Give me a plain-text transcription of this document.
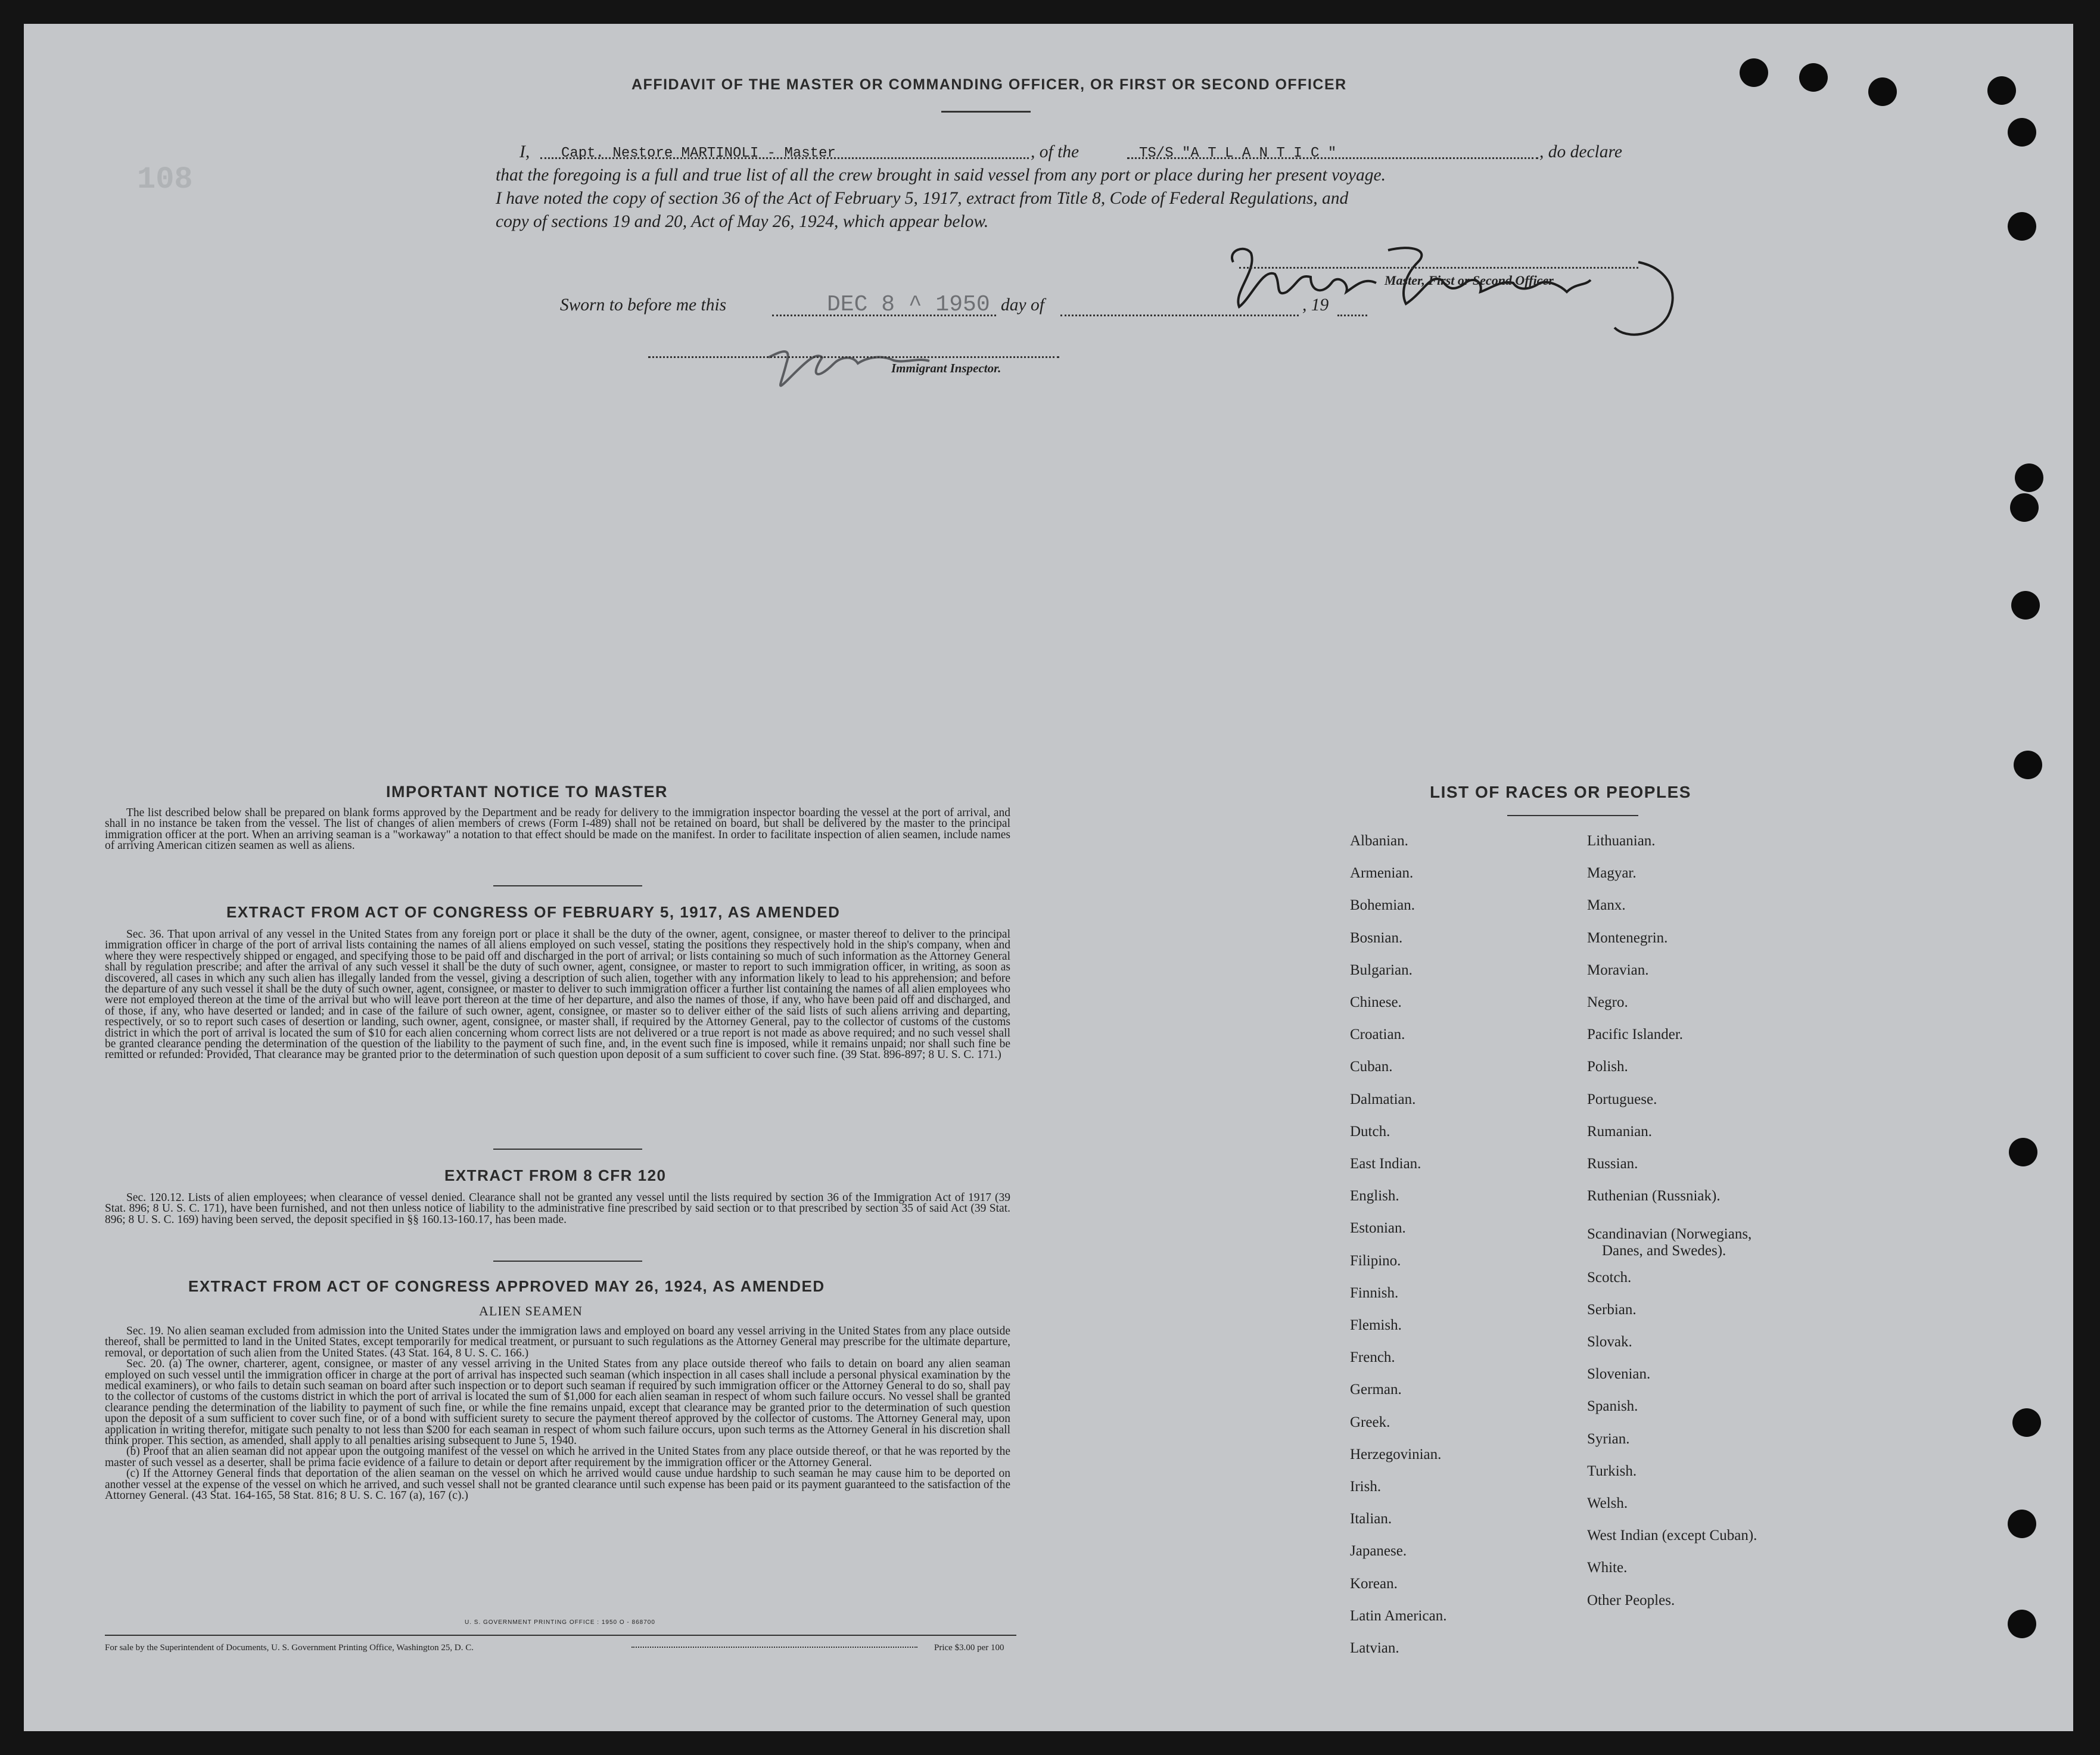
108
AFFIDAVIT OF THE MASTER OR COMMANDING OFFICER, OR FIRST OR SECOND OFFICER
I, Capt. Nestore MARTINOLI - Master	, of the	TS/S "A T L A N T I C "	, do declare
that the foregoing is a full and true list of all the crew brought in said vessel from any port or place during her present voyage.
I have noted the copy of section 36 of the Act of February 5, 1917, extract from Title 8, Code of Federal Regulations, and
copy of sections 19 and 20, Act of May 26, 1924, which appear below.
Master, First or Second Officer
Sworn to before me this	DEC 8 ^ 1950 day of	, 19
Immigrant Inspector.
IMPORTANT NOTICE TO MASTER

The list described below shall be prepared on blank forms approved by the Department and be ready for delivery to the immigration inspector boarding the vessel at the port of arrival, and shall in no instance be taken from the vessel. The list of changes of alien members of crews (Form I-489) shall not be retained on board, but shall be delivered by the master to the principal immigration officer at the port. When an arriving seaman is a "workaway" a notation to that effect should be made on the manifest. In order to facilitate inspection of alien seamen, include names of arriving American citizen seamen as well as aliens.

EXTRACT FROM ACT OF CONGRESS OF FEBRUARY 5, 1917, AS AMENDED

Sec. 36. That upon arrival of any vessel in the United States from any foreign port or place it shall be the duty of the owner, agent, consignee, or master thereof to deliver to the principal immigration officer in charge of the port of arrival lists containing the names of all aliens employed on such vessel, stating the positions they respectively hold in the ship's company, when and where they were respectively shipped or engaged, and specifying those to be paid off and discharged in the port of arrival; or lists containing so much of such information as the Attorney General shall by regulation prescribe; and after the arrival of any such vessel it shall be the duty of such owner, agent, consignee, or master to report to such immigration officer, in writing, as soon as discovered, all cases in which any such alien has illegally landed from the vessel, giving a description of such alien, together with any information likely to lead to his apprehension; and before the departure of any such vessel it shall be the duty of such owner, agent, consignee, or master to deliver to such immigration officer a further list containing the names of all alien employees who were not employed thereon at the time of the arrival but who will leave port thereon at the time of her departure, and also the names of those, if any, who have been paid off and discharged, and of those, if any, who have deserted or landed; and in case of the failure of such owner, agent, consignee, or master so to deliver either of the said lists of such aliens arriving and departing, respectively, or so to report such cases of desertion or landing, such owner, agent, consignee, or master shall, if required by the Attorney General, pay to the collector of customs of the customs district in which the port of arrival is located the sum of $10 for each alien concerning whom correct lists are not delivered or a true report is not made as above required; and no such vessel shall be granted clearance pending the determination of the question of the liability to the payment of such fine, and, in the event such fine is imposed, while it remains unpaid; nor shall such fine be remitted or refunded: Provided, That clearance may be granted prior to the determination of such question upon deposit of a sum sufficient to cover such fine. (39 Stat. 896-897; 8 U. S. C. 171.)

EXTRACT FROM 8 CFR 120

Sec. 120.12. Lists of alien employees; when clearance of vessel denied. Clearance shall not be granted any vessel until the lists required by section 36 of the Immigration Act of 1917 (39 Stat. 896; 8 U. S. C. 171), have been furnished, and not then unless notice of liability to the administrative fine prescribed by said section or to that prescribed by section 35 of said Act (39 Stat. 896; 8 U. S. C. 169) having been served, the deposit specified in §§ 160.13-160.17, has been made.

EXTRACT FROM ACT OF CONGRESS APPROVED MAY 26, 1924, AS AMENDED
ALIEN SEAMEN

Sec. 19. No alien seaman excluded from admission into the United States under the immigration laws and employed on board any vessel arriving in the United States from any place outside thereof, shall be permitted to land in the United States, except temporarily for medical treatment, or pursuant to such regulations as the Attorney General may prescribe for the ultimate departure, removal, or deportation of such alien from the United States. (43 Stat. 164, 8 U. S. C. 166.)

Sec. 20. (a) The owner, charterer, agent, consignee, or master of any vessel arriving in the United States from any place outside thereof who fails to detain on board any alien seaman employed on such vessel until the immigration officer in charge at the port of arrival has inspected such seaman (which inspection in all cases shall include a personal physical examination by the medical examiners), or who fails to detain such seaman on board after such inspection or to deport such seaman if required by such immigration officer or the Attorney General to do so, shall pay to the collector of customs of the customs district in which the port of arrival is located the sum of $1,000 for each alien seaman in respect of whom such failure occurs. No vessel shall be granted clearance pending the determination of the liability to payment of such fine, or while the fine remains unpaid, except that clearance may be granted prior to the determination of such question upon the deposit of a sum sufficient to cover such fine, or of a bond with sufficient surety to secure the payment thereof approved by the collector of customs. The Attorney General may, upon application in writing therefor, mitigate such penalty to not less than $200 for each seaman in respect of whom such failure occurs, upon such terms as the Attorney General in his discretion shall think proper. This section, as amended, shall apply to all penalties arising subsequent to June 5, 1940.

(b) Proof that an alien seaman did not appear upon the outgoing manifest of the vessel on which he arrived in the United States from any place outside thereof, or that he was reported by the master of such vessel as a deserter, shall be prima facie evidence of a failure to detain or deport after requirement by the immigration officer or the Attorney General.

(c) If the Attorney General finds that deportation of the alien seaman on the vessel on which he arrived would cause undue hardship to such seaman he may cause him to be deported on another vessel at the expense of the vessel on which he arrived, and such vessel shall not be granted clearance until such expense has been paid or its payment guaranteed to the satisfaction of the Attorney General. (43 Stat. 164-165, 58 Stat. 816; 8 U. S. C. 167 (a), 167 (c).)

U. S. GOVERNMENT PRINTING OFFICE : 1950 O - 868700
For sale by the Superintendent of Documents, U. S. Government Printing Office, Washington 25, D. C.	Price $3.00 per 100
LIST OF RACES OR PEOPLES
Albanian.
Armenian.
Bohemian.
Bosnian.
Bulgarian.
Chinese.
Croatian.
Cuban.
Dalmatian.
Dutch.
East Indian.
English.
Estonian.
Filipino.
Finnish.
Flemish.
French.
German.
Greek.
Herzegovinian.
Irish.
Italian.
Japanese.
Korean.
Latin American.
Latvian.
Lithuanian.
Magyar.
Manx.
Montenegrin.
Moravian.
Negro.
Pacific Islander.
Polish.
Portuguese.
Rumanian.
Russian.
Ruthenian (Russniak).
Scandinavian (Norwegians,
Danes, and Swedes).
Scotch.
Serbian.
Slovak.
Slovenian.
Spanish.
Syrian.
Turkish.
Welsh.
West Indian (except Cuban).
White.
Other Peoples.
